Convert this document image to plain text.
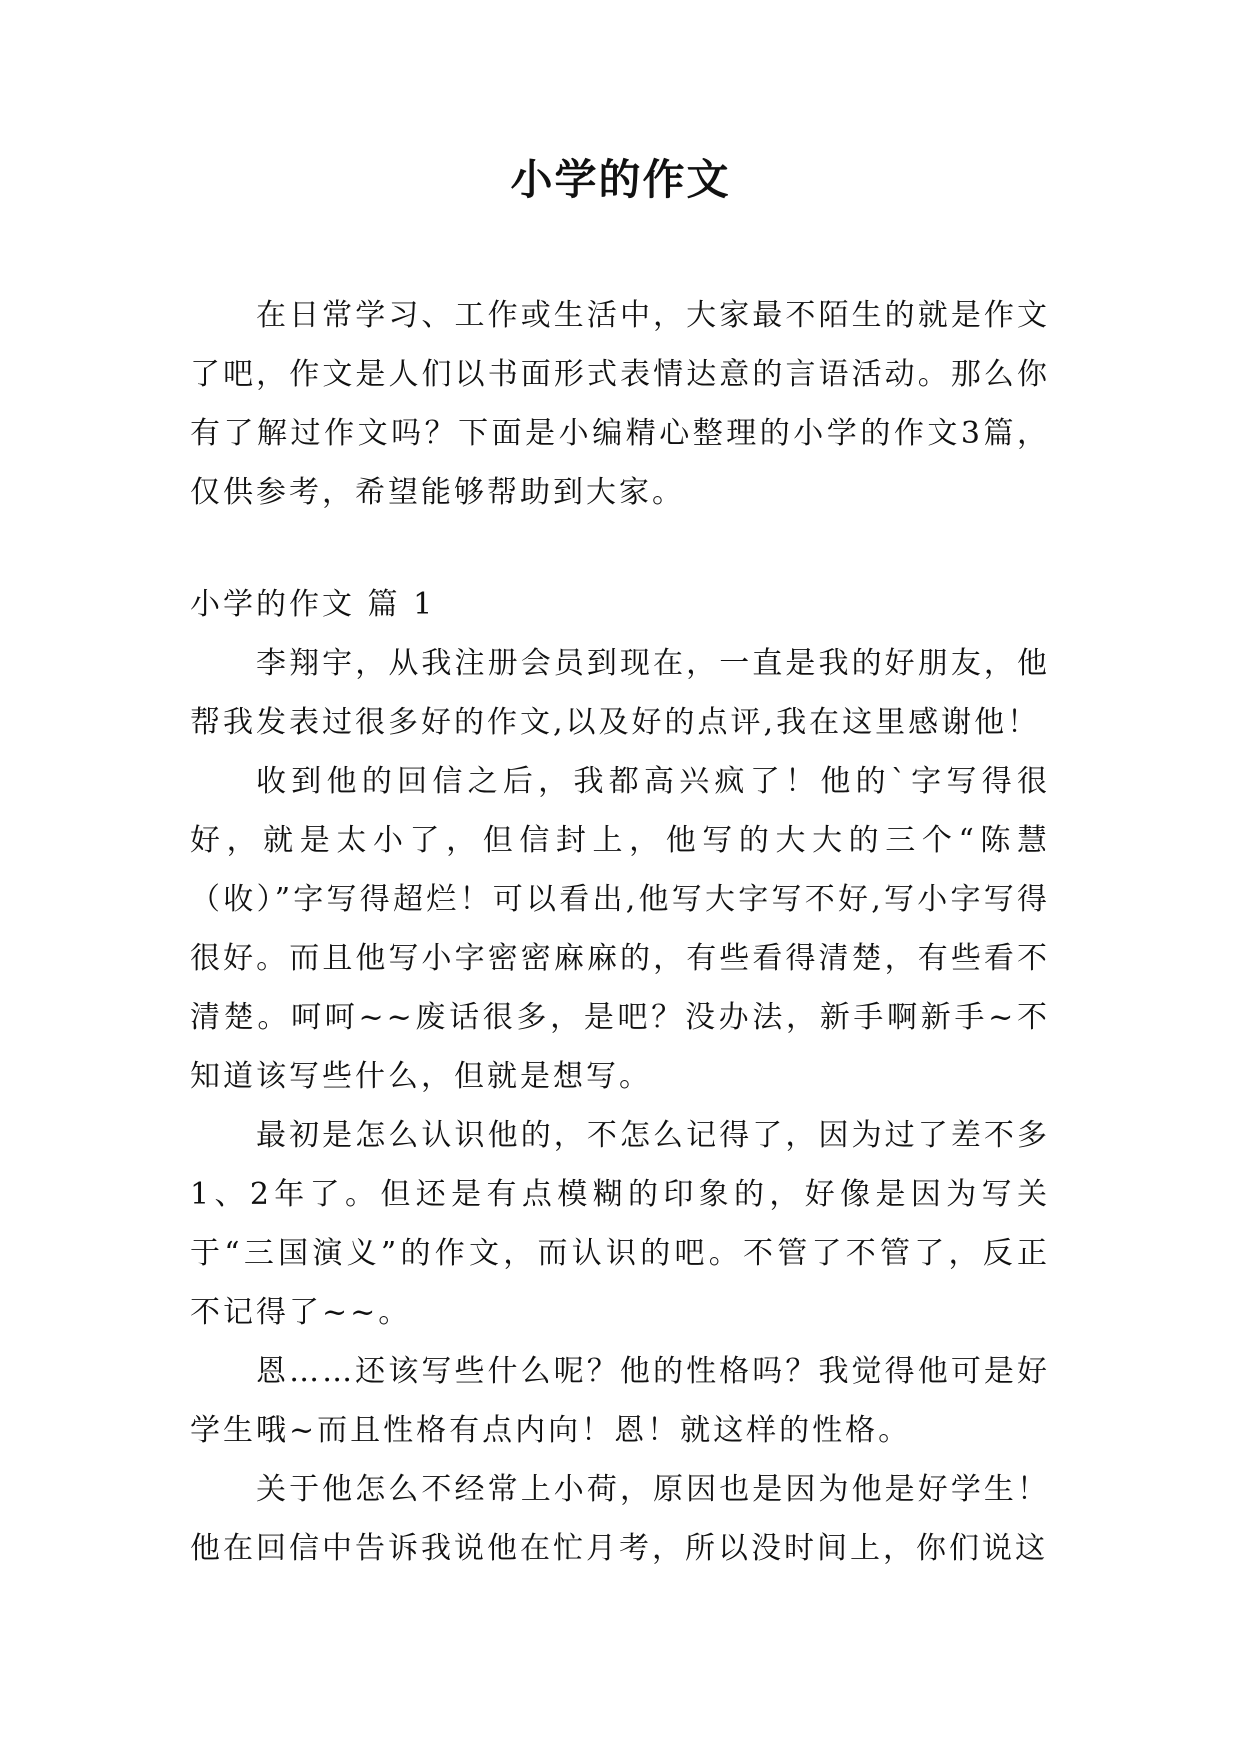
小学的作文

在日常学习、工作或生活中，大家最不陌生的就是作文了吧，作文是人们以书面形式表情达意的言语活动。那么你有了解过作文吗？下面是小编精心整理的小学的作文3篇，仅供参考，希望能够帮助到大家。

小学的作文 篇 1

李翔宇，从我注册会员到现在，一直是我的好朋友，他帮我发表过很多好的作文,以及好的点评,我在这里感谢他！

收到他的回信之后，我都高兴疯了！他的`字写得很好，就是太小了，但信封上，他写的大大的三个“陈慧（收）”字写得超烂！可以看出,他写大字写不好,写小字写得很好。而且他写小字密密麻麻的，有些看得清楚，有些看不清楚。呵呵~~废话很多，是吧？没办法，新手啊新手~不知道该写些什么，但就是想写。

最初是怎么认识他的，不怎么记得了，因为过了差不多1、2年了。但还是有点模糊的印象的，好像是因为写关于“三国演义”的作文，而认识的吧。不管了不管了，反正不记得了~~。

恩……还该写些什么呢？他的性格吗？我觉得他可是好学生哦~而且性格有点内向！恩！就这样的性格。

关于他怎么不经常上小荷，原因也是因为他是好学生！他在回信中告诉我说他在忙月考，所以没时间上，你们说这
